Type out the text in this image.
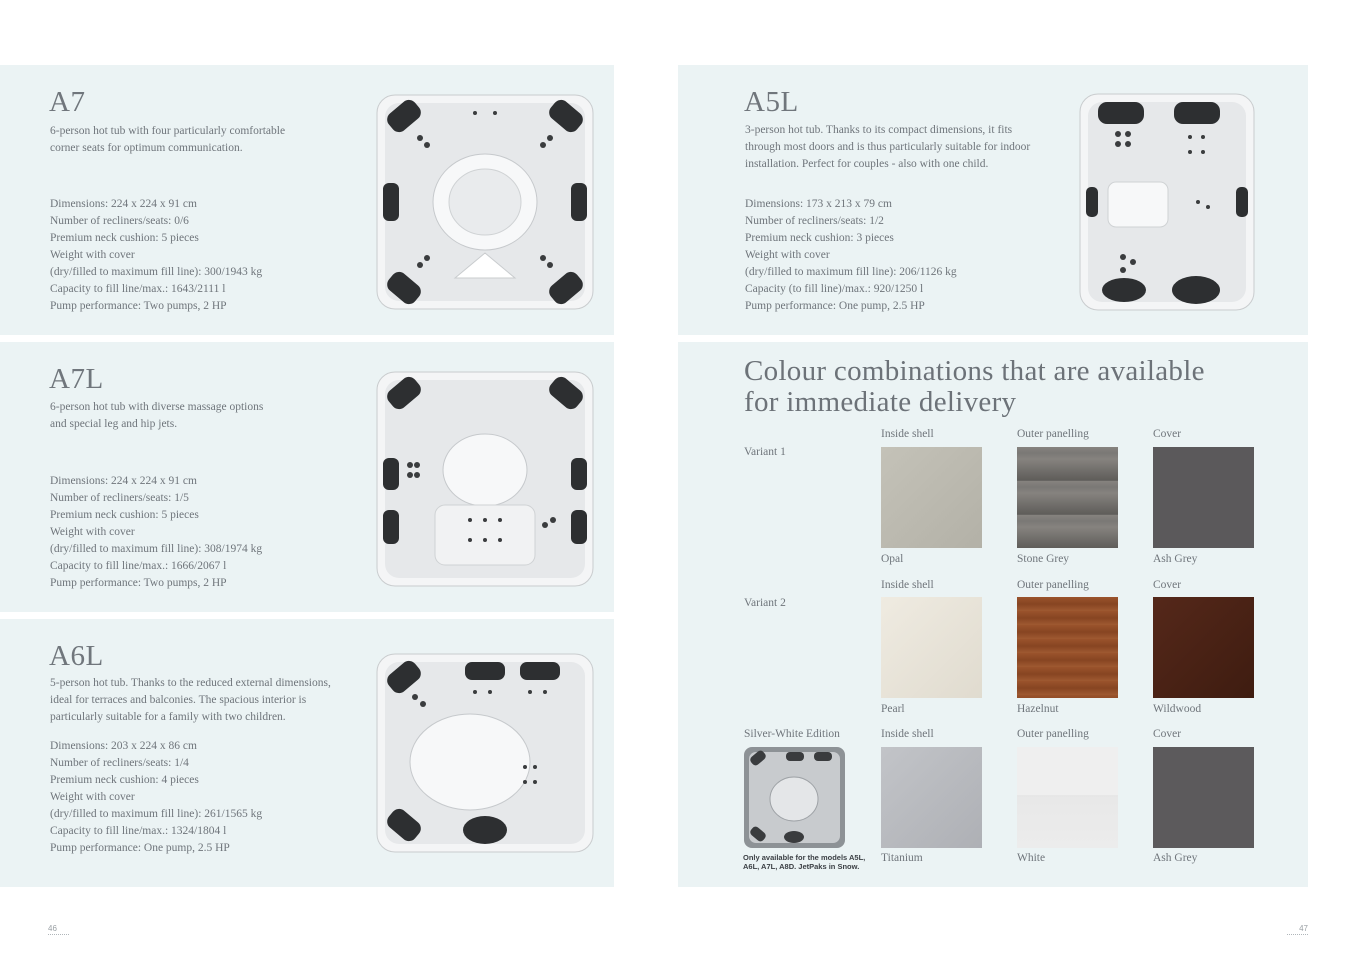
A7
6-person hot tub with four particularly comfortable
corner seats for optimum communication.
Dimensions: 224 x 224 x 91 cm
Number of recliners/seats: 0/6
Premium neck cushion: 5 pieces
Weight with cover
(dry/filled to maximum fill line): 300/1943 kg
Capacity to fill line/max.: 1643/2111 l
Pump performance: Two pumps, 2 HP
A7L
6-person hot tub with diverse massage options
and special leg and hip jets.
Dimensions: 224 x 224 x 91 cm
Number of recliners/seats: 1/5
Premium neck cushion: 5 pieces
Weight with cover
(dry/filled to maximum fill line): 308/1974 kg
Capacity to fill line/max.: 1666/2067 l
Pump performance: Two pumps, 2 HP
A6L
5-person hot tub. Thanks to the reduced external dimensions,
ideal for terraces and balconies. The spacious interior is
particularly suitable for a family with two children.
Dimensions: 203 x 224 x 86 cm
Number of recliners/seats: 1/4
Premium neck cushion: 4 pieces
Weight with cover
(dry/filled to maximum fill line): 261/1565 kg
Capacity to fill line/max.: 1324/1804 l
Pump performance: One pump, 2.5 HP
A5L
3-person hot tub. Thanks to its compact dimensions, it fits
through most doors and is thus particularly suitable for indoor
installation. Perfect for couples - also with one child.
Dimensions: 173 x 213 x 79 cm
Number of recliners/seats: 1/2
Premium neck cushion: 3 pieces
Weight with cover
(dry/filled to maximum fill line): 206/1126 kg
Capacity (to fill line)/max.: 920/1250 l
Pump performance: One pump, 2.5 HP
Colour combinations that are available
for immediate delivery
Variant 1
Inside shell	Outer panelling	Cover
Opal	Stone Grey	Ash Grey
Variant 2
Inside shell	Outer panelling	Cover
Pearl	Hazelnut	Wildwood
Silver-White Edition	Inside shell	Outer panelling	Cover
Only available for the models A5L,
A6L, A7L, A8D. JetPaks in Snow.
Titanium	White	Ash Grey
46	47
